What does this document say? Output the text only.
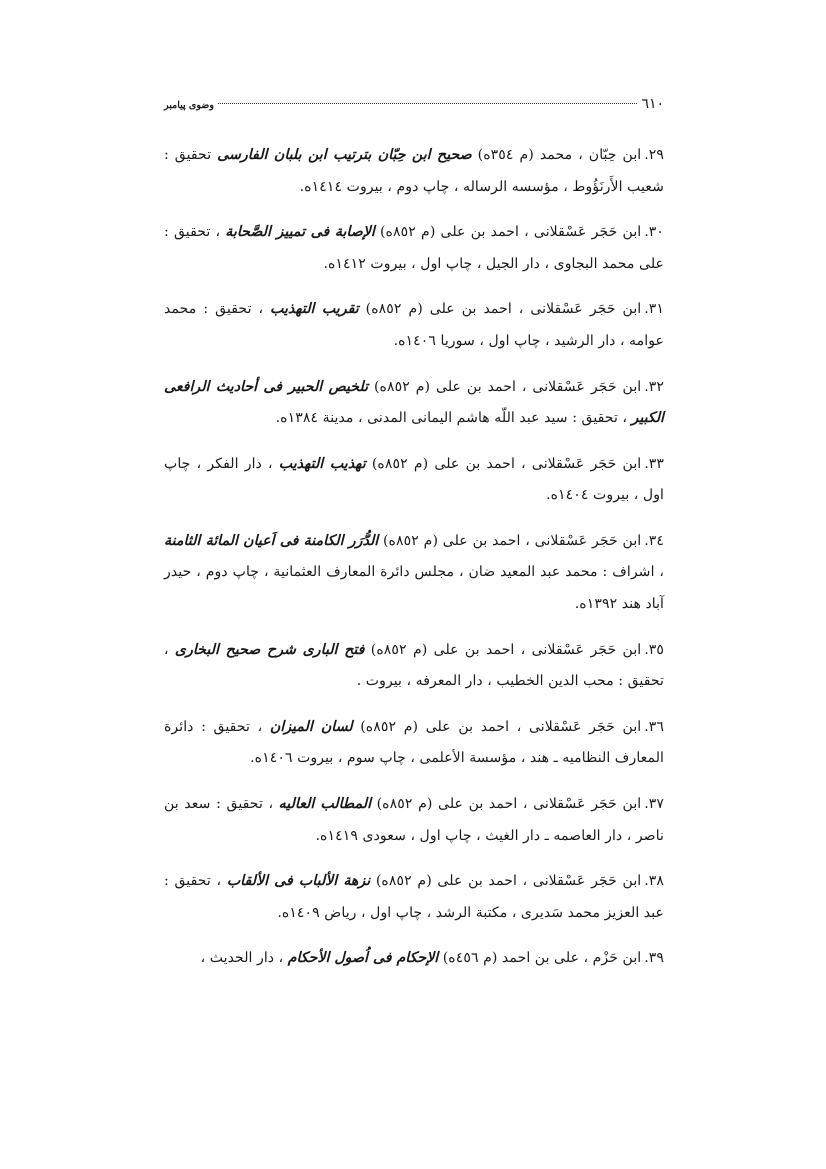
٦١٠
وضوی پیامبر

٢٩.ابن حِبّان ، محمد (م ٣٥٤ه) صحیح ابن حِبّان بترتیب ابن بلبان الفارسی تحقیق : شعیب الأَرنَؤُوط ، مؤسسه الرساله ، چاپ دوم ، بیروت ١٤١٤ه.

٣٠.ابن حَجَر عَسْقلانی ، احمد بن علی (م ٨٥٢ه) الإصابة فی تمییز الصَّحابة ، تحقیق : علی محمد البجاوی ، دار الجیل ، چاپ اول ، بیروت ١٤١٢ه.

٣١.ابن حَجَر عَسْقلانی ، احمد بن علی (م ٨٥٢ه) تقریب التهذیب ، تحقیق : محمد عوامه ، دار الرشید ، چاپ اول ، سوریا ١٤٠٦ه.

٣٢.ابن حَجَر عَسْقلانی ، احمد بن علی (م ٨٥٢ه) تلخیص الحبیر فی أحادیث الرافعی الکبیر ، تحقیق : سید عبد اللّه هاشم الیمانی المدنی ، مدینة ١٣٨٤ه.

٣٣.ابن حَجَر عَسْقلانی ، احمد بن علی (م ٨٥٢ه) تهذیب التهذیب ، دار الفکر ، چاپ اول ، بیروت ١٤٠٤ه.

٣٤.ابن حَجَر عَسْقلانی ، احمد بن علی (م ٨٥٢ه) الدُّرَر الکامنة فی اَعیان المائة الثامنة ، اشراف : محمد عبد المعید ضان ، مجلس دائرة المعارف العثمانیة ، چاپ دوم ، حیدر آباد هند ١٣٩٢ه.

٣٥.ابن حَجَر عَسْقلانی ، احمد بن علی (م ٨٥٢ه) فتح الباری شرح صحیح البخاری ، تحقیق : محب الدین الخطیب ، دار المعرفه ، بیروت .

٣٦.ابن حَجَر عَسْقلانی ، احمد بن علی (م ٨٥٢ه) لسان المیزان ، تحقیق : دائرة المعارف النظامیه ـ هند ، مؤسسة الأعلمی ، چاپ سوم ، بیروت ١٤٠٦ه.

٣٧.ابن حَجَر عَسْقلانی ، احمد بن علی (م ٨٥٢ه) المطالب العالیه ، تحقیق : سعد بن ناصر ، دار العاصمه ـ دار الغیث ، چاپ اول ، سعودی ١٤١٩ه.

٣٨.ابن حَجَر عَسْقلانی ، احمد بن علی (م ٨٥٢ه) نزهة الألباب فی الألقاب ، تحقیق : عبد العزیز محمد سَدیری ، مکتبة الرشد ، چاپ اول ، ریاض ١٤٠٩ه.

٣٩.ابن حَزْم ، علی بن احمد (م ٤٥٦ه) الإحکام فی اُصول الأحکام ، دار الحدیث ،
